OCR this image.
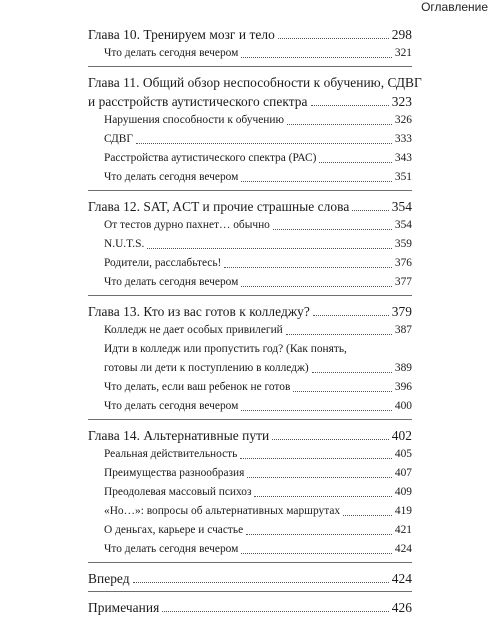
Оглавление
Глава 10. Тренируем мозг и тело	298
Что делать сегодня вечером	321
Глава 11. Общий обзор неспособности к обучению, СДВГ
и расстройств аутистического спектра	323
Нарушения способности к обучению	326
СДВГ	333
Расстройства аутистического спектра (РАС)	343
Что делать сегодня вечером	351
Глава 12. SAT, ACT и прочие страшные слова	354
От тестов дурно пахнет… обычно	354
N.U.T.S.	359
Родители, расслабьтесь!	376
Что делать сегодня вечером	377
Глава 13. Кто из вас готов к колледжу?	379
Колледж не дает особых привилегий	387
Идти в колледж или пропустить год? (Как понять,
готовы ли дети к поступлению в колледж)	389
Что делать, если ваш ребенок не готов	396
Что делать сегодня вечером	400
Глава 14. Альтернативные пути	402
Реальная действительность	405
Преимущества разнообразия	407
Преодолевая массовый психоз	409
«Но…»: вопросы об альтернативных маршрутах	419
О деньгах, карьере и счастье	421
Что делать сегодня вечером	424
Вперед	424
Примечания	426
